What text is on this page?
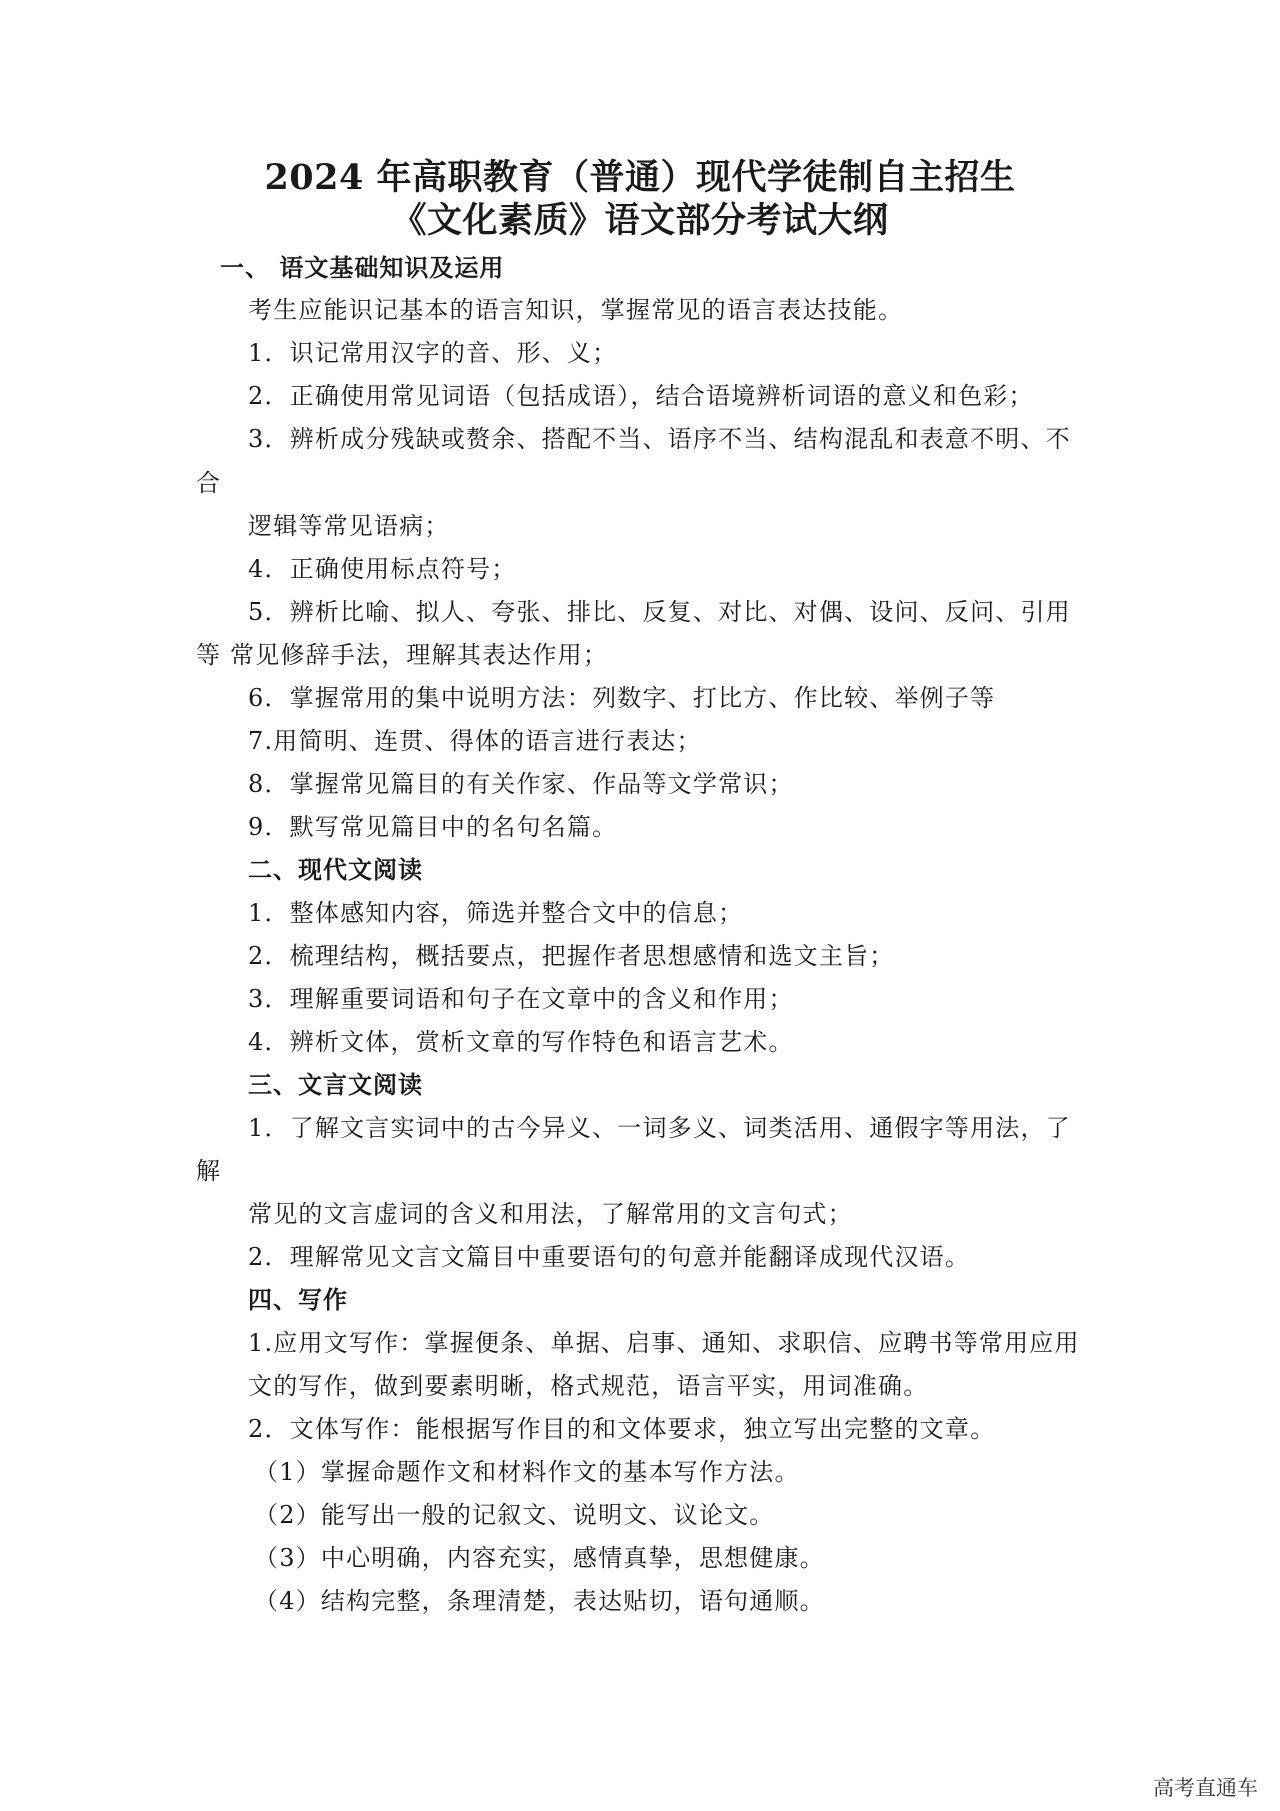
2024 年高职教育（普通）现代学徒制自主招生
《文化素质》语文部分考试大纲
一、 语文基础知识及运用
考生应能识记基本的语言知识，掌握常见的语言表达技能。
1．识记常用汉字的音、形、义；
2．正确使用常见词语（包括成语），结合语境辨析词语的意义和色彩；
3．辨析成分残缺或赘余、搭配不当、语序不当、结构混乱和表意不明、不
合
逻辑等常见语病；
4．正确使用标点符号；
5．辨析比喻、拟人、夸张、排比、反复、对比、对偶、设问、反问、引用
等 常见修辞手法，理解其表达作用；
6．掌握常用的集中说明方法：列数字、打比方、作比较、举例子等
7.用简明、连贯、得体的语言进行表达；
8．掌握常见篇目的有关作家、作品等文学常识；
9．默写常见篇目中的名句名篇。
二、现代文阅读
1．整体感知内容，筛选并整合文中的信息；
2．梳理结构，概括要点，把握作者思想感情和选文主旨；
3．理解重要词语和句子在文章中的含义和作用；
4．辨析文体，赏析文章的写作特色和语言艺术。
三、文言文阅读
1．了解文言实词中的古今异义、一词多义、词类活用、通假字等用法，了
解
常见的文言虚词的含义和用法，了解常用的文言句式；
2．理解常见文言文篇目中重要语句的句意并能翻译成现代汉语。
四、写作
1.应用文写作：掌握便条、单据、启事、通知、求职信、应聘书等常用应用
文的写作，做到要素明晰，格式规范，语言平实，用词准确。
2．文体写作：能根据写作目的和文体要求，独立写出完整的文章。
（1）掌握命题作文和材料作文的基本写作方法。
（2）能写出一般的记叙文、说明文、议论文。
（3）中心明确，内容充实，感情真挚，思想健康。
（4）结构完整，条理清楚，表达贴切，语句通顺。
高考直通车
